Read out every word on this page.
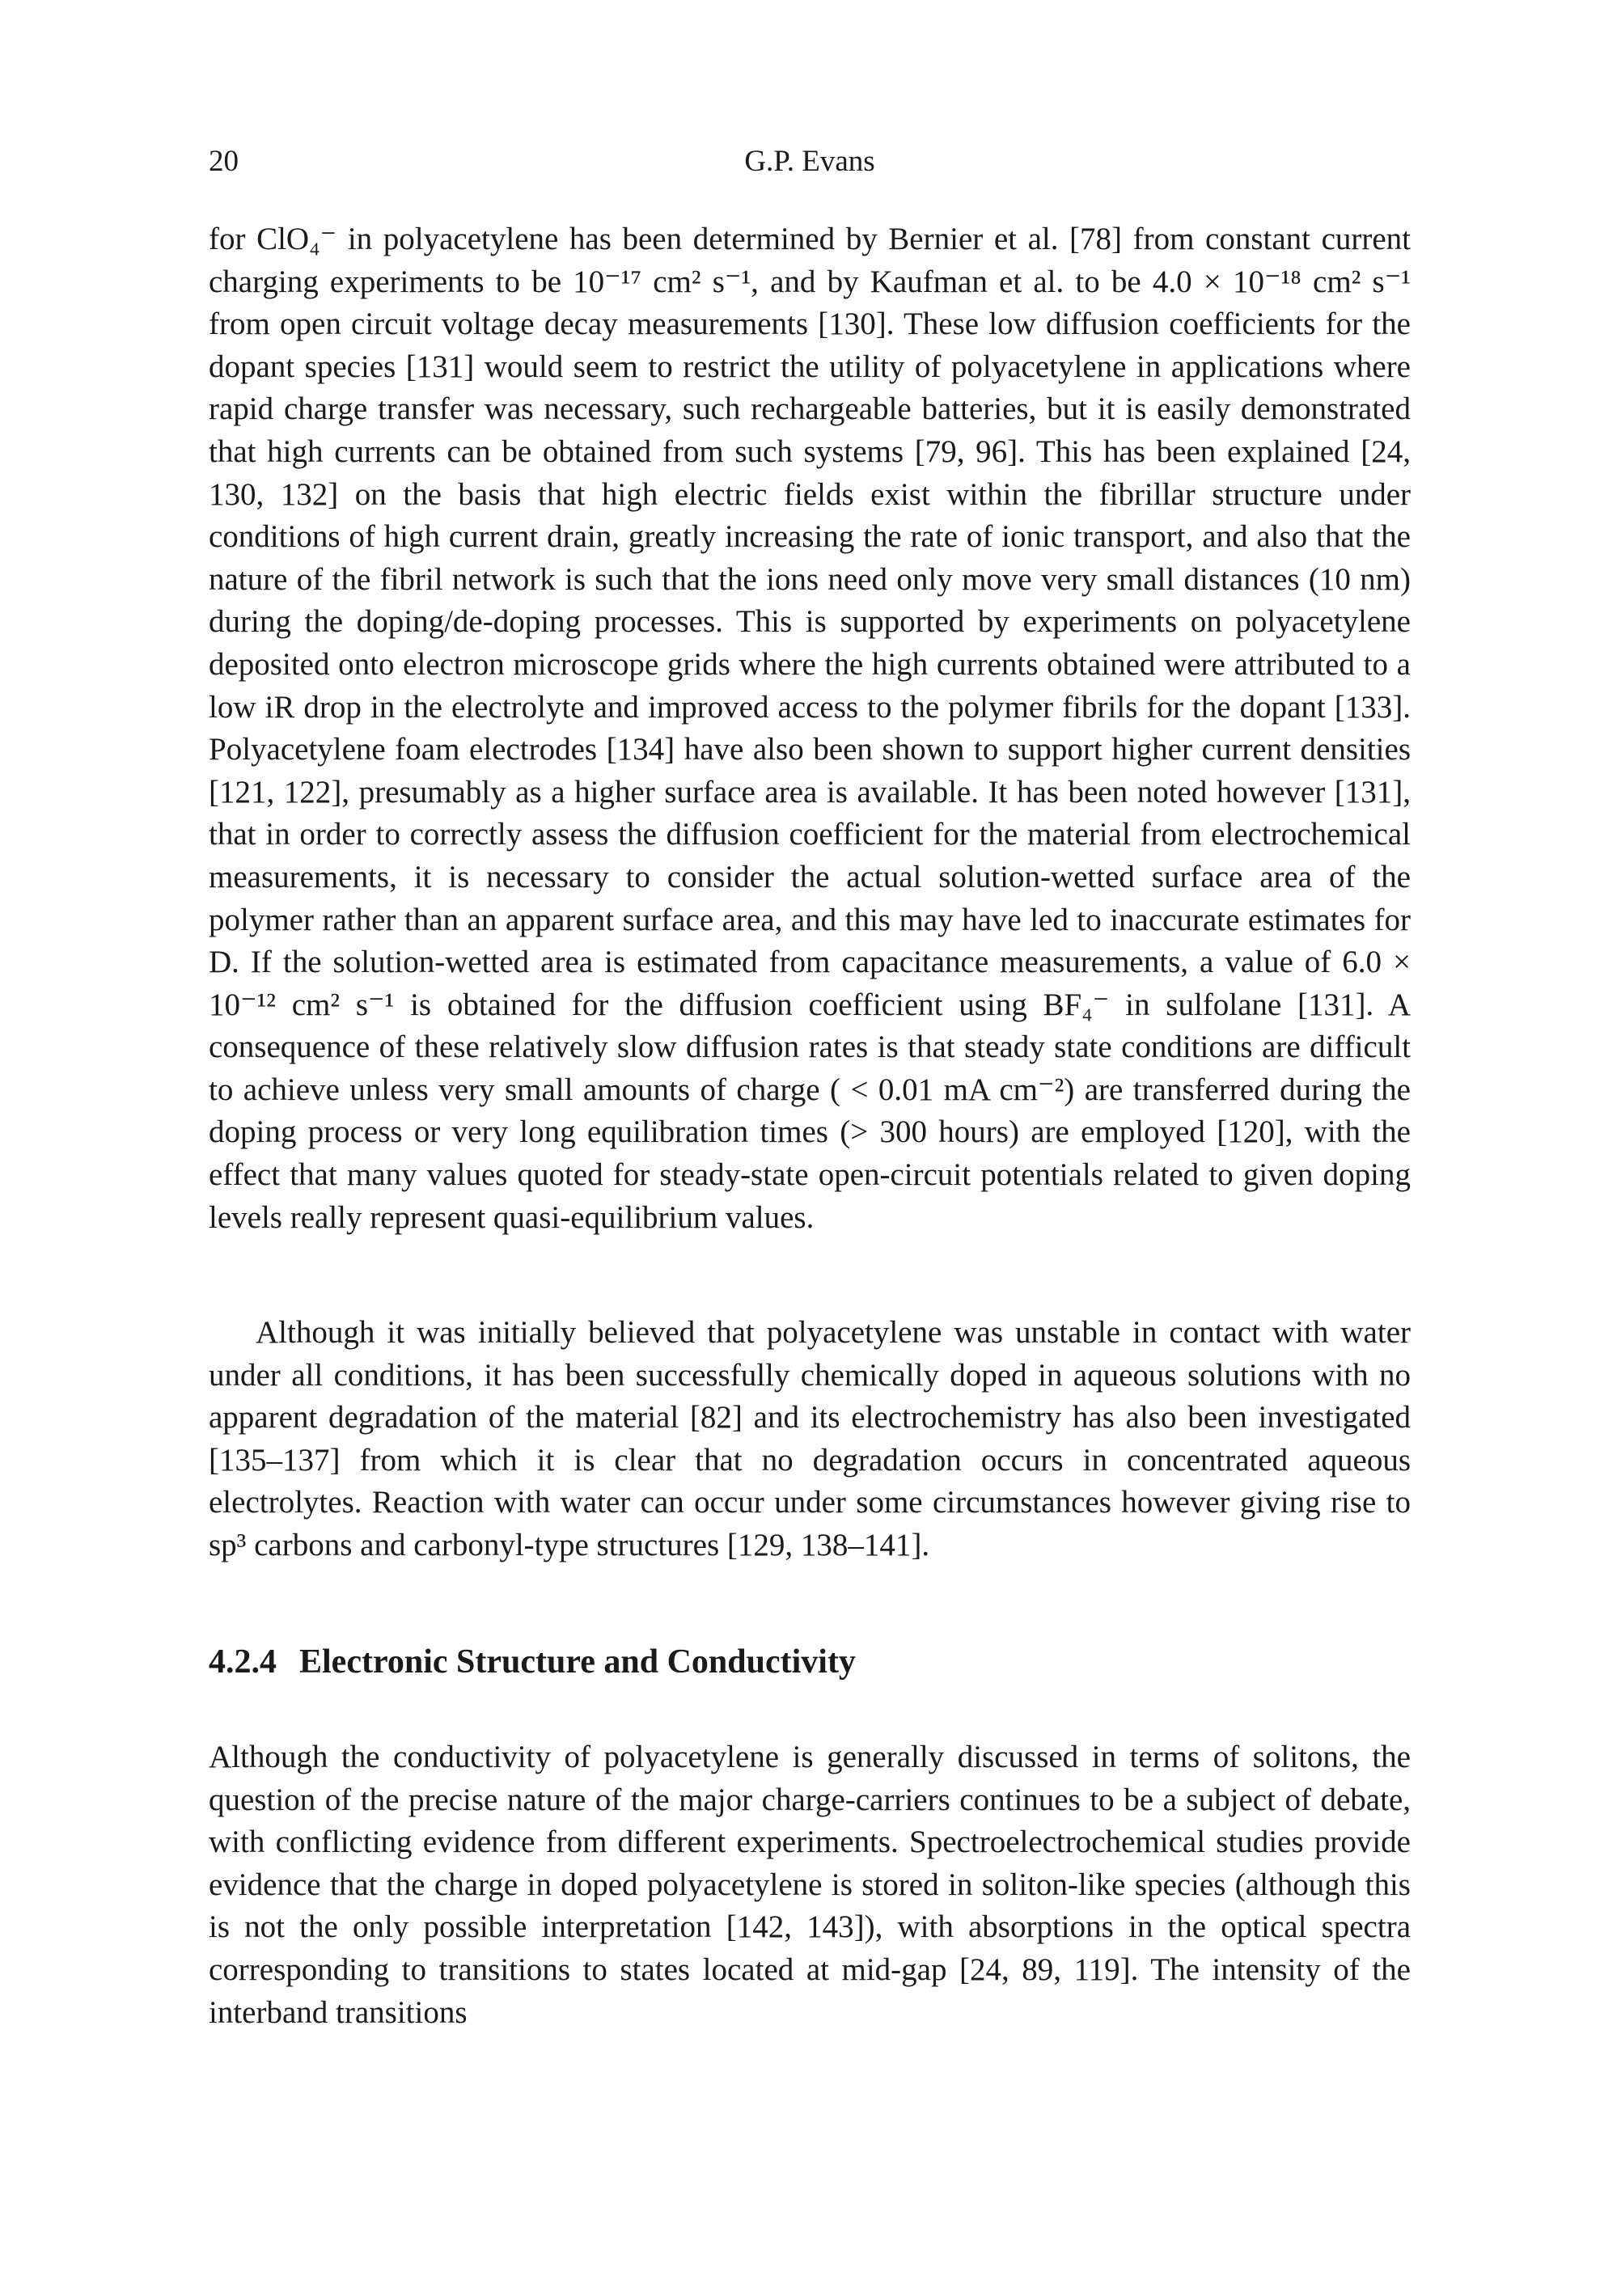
20	G.P. Evans

for ClO₄⁻ in polyacetylene has been determined by Bernier et al. [78] from constant current charging experiments to be 10⁻¹⁷ cm² s⁻¹, and by Kaufman et al. to be 4.0 × 10⁻¹⁸ cm² s⁻¹ from open circuit voltage decay measurements [130]. These low diffusion coefficients for the dopant species [131] would seem to restrict the utility of polyacetylene in applications where rapid charge transfer was necessary, such rechargeable batteries, but it is easily demonstrated that high currents can be obtained from such systems [79, 96]. This has been explained [24, 130, 132] on the basis that high electric fields exist within the fibrillar structure under conditions of high current drain, greatly increasing the rate of ionic transport, and also that the nature of the fibril network is such that the ions need only move very small distances (10 nm) during the doping/de-doping processes. This is supported by experiments on polyacetylene deposited onto electron microscope grids where the high currents obtained were attributed to a low iR drop in the electrolyte and improved access to the polymer fibrils for the dopant [133]. Polyacetylene foam electrodes [134] have also been shown to support higher current densities [121, 122], presumably as a higher surface area is available. It has been noted however [131], that in order to correctly assess the diffusion coefficient for the material from electrochemical measurements, it is necessary to consider the actual solution-wetted surface area of the polymer rather than an apparent surface area, and this may have led to inaccurate estimates for D. If the solution-wetted area is estimated from capacitance measurements, a value of 6.0 × 10⁻¹² cm² s⁻¹ is obtained for the diffusion coefficient using BF₄⁻ in sulfolane [131]. A consequence of these relatively slow diffusion rates is that steady state conditions are difficult to achieve unless very small amounts of charge ( < 0.01 mA cm⁻²) are transferred during the doping process or very long equilibration times (> 300 hours) are employed [120], with the effect that many values quoted for steady-state open-circuit potentials related to given doping levels really represent quasi-equilibrium values.

Although it was initially believed that polyacetylene was unstable in contact with water under all conditions, it has been successfully chemically doped in aqueous solutions with no apparent degradation of the material [82] and its electrochemistry has also been investigated [135–137] from which it is clear that no degradation occurs in concentrated aqueous electrolytes. Reaction with water can occur under some circumstances however giving rise to sp³ carbons and carbonyl-type structures [129, 138–141].

4.2.4 Electronic Structure and Conductivity

Although the conductivity of polyacetylene is generally discussed in terms of solitons, the question of the precise nature of the major charge-carriers continues to be a subject of debate, with conflicting evidence from different experiments. Spectroelectrochemical studies provide evidence that the charge in doped polyacetylene is stored in soliton-like species (although this is not the only possible interpretation [142, 143]), with absorptions in the optical spectra corresponding to transitions to states located at mid-gap [24, 89, 119]. The intensity of the interband transitions
